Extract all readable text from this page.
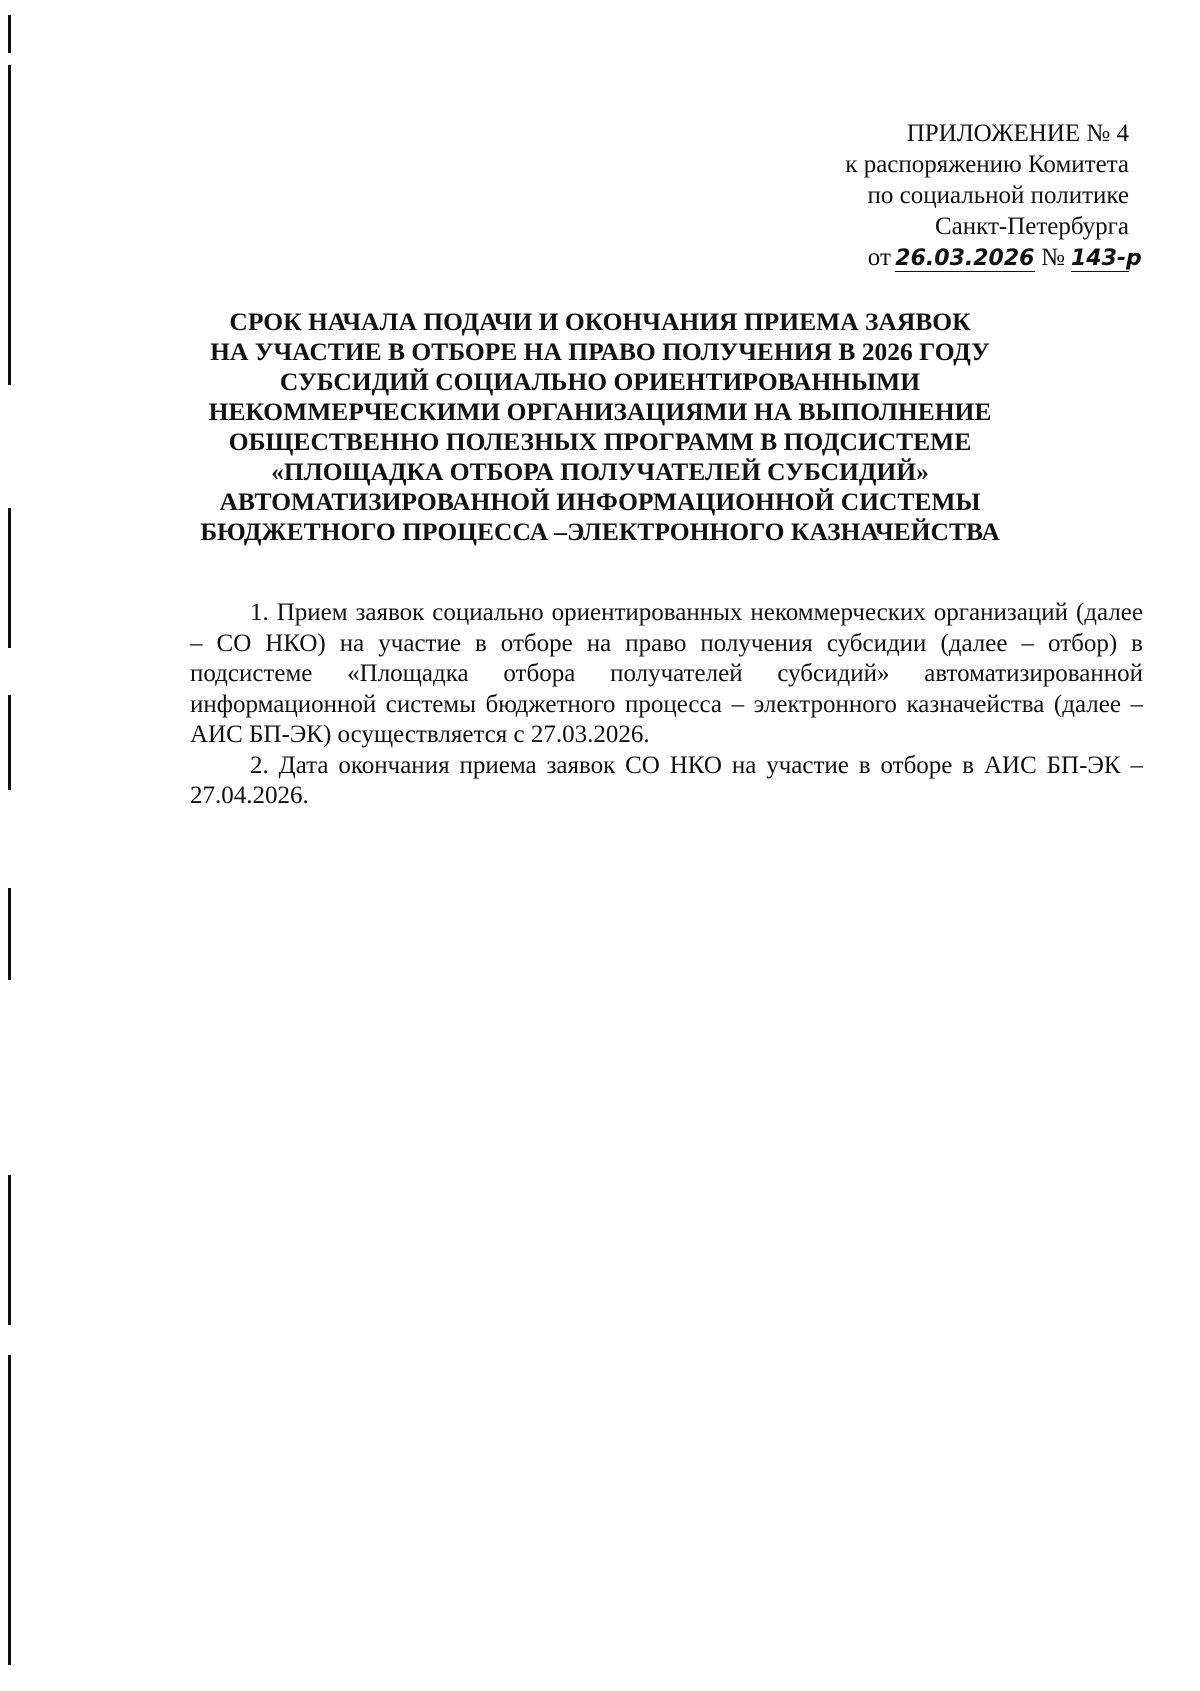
ПРИЛОЖЕНИЕ № 4
к распоряжению Комитета
по социальной политике
Санкт-Петербурга
от 26.03.2026 № 143-р
СРОК НАЧАЛА ПОДАЧИ И ОКОНЧАНИЯ ПРИЕМА ЗАЯВОК
НА УЧАСТИЕ В ОТБОРЕ НА ПРАВО ПОЛУЧЕНИЯ В 2026 ГОДУ
СУБСИДИЙ СОЦИАЛЬНО ОРИЕНТИРОВАННЫМИ
НЕКОММЕРЧЕСКИМИ ОРГАНИЗАЦИЯМИ НА ВЫПОЛНЕНИЕ
ОБЩЕСТВЕННО ПОЛЕЗНЫХ ПРОГРАММ В ПОДСИСТЕМЕ
«ПЛОЩАДКА ОТБОРА ПОЛУЧАТЕЛЕЙ СУБСИДИЙ»
АВТОМАТИЗИРОВАННОЙ ИНФОРМАЦИОННОЙ СИСТЕМЫ
БЮДЖЕТНОГО ПРОЦЕССА –ЭЛЕКТРОННОГО КАЗНАЧЕЙСТВА

1. Прием заявок социально ориентированных некоммерческих организаций (далее – СО НКО) на участие в отборе на право получения субсидии (далее – отбор) в подсистеме «Площадка отбора получателей субсидий» автоматизированной информационной системы бюджетного процесса – электронного казначейства (далее – АИС БП-ЭК) осуществляется с 27.03.2026.

2. Дата окончания приема заявок СО НКО на участие в отборе в АИС БП-ЭК – 27.04.2026.
